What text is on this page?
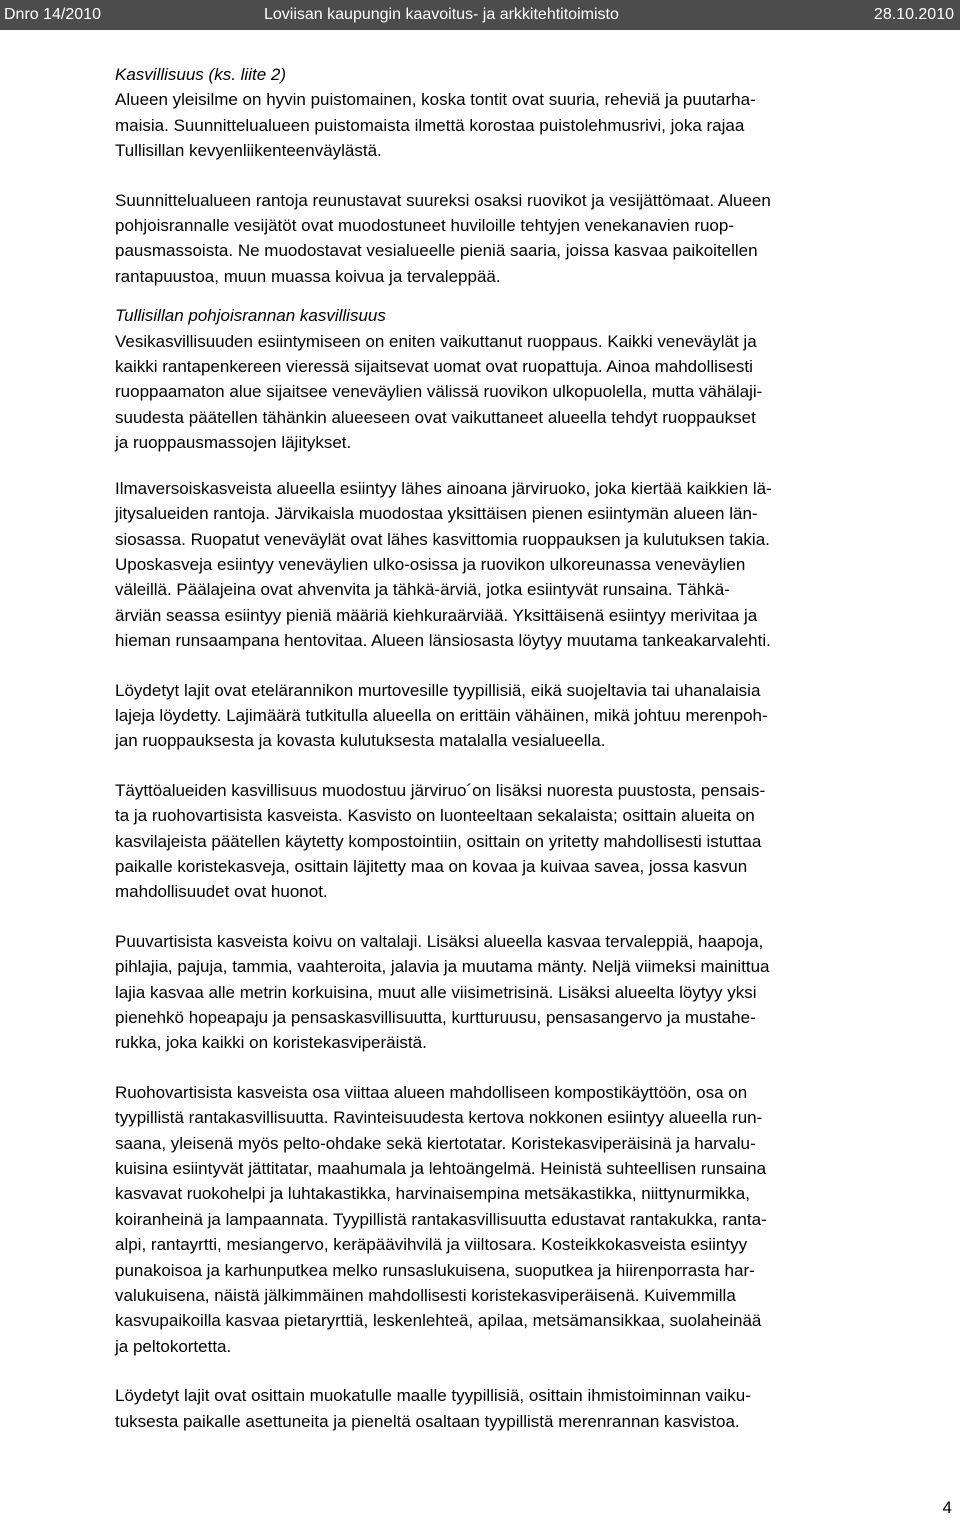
Dnro 14/2010	Loviisan kaupungin kaavoitus- ja arkkitehtitoimisto	28.10.2010

Kasvillisuus (ks. liite 2)

Alueen yleisilme on hyvin puistomainen, koska tontit ovat suuria, reheviä ja puutarha-
maisia. Suunnittelualueen puistomaista ilmettä korostaa puistolehmusrivi, joka rajaa
Tullisillan kevyenliikenteenväylästä.

Suunnittelualueen rantoja reunustavat suureksi osaksi ruovikot ja vesijättömaat. Alueen
pohjoisrannalle vesijätöt ovat muodostuneet huviloille tehtyjen venekanavien ruop-
pausmassoista. Ne muodostavat vesialueelle pieniä saaria, joissa kasvaa paikoitellen
rantapuustoa, muun muassa koivua ja tervaleppää.

Tullisillan pohjoisrannan kasvillisuus

Vesikasvillisuuden esiintymiseen on eniten vaikuttanut ruoppaus. Kaikki veneväylät ja
kaikki rantapenkereen vieressä sijaitsevat uomat ovat ruopattuja. Ainoa mahdollisesti
ruoppaamaton alue sijaitsee veneväylien välissä ruovikon ulkopuolella, mutta vähälaji-
suudesta päätellen tähänkin alueeseen ovat vaikuttaneet alueella tehdyt ruoppaukset
ja ruoppausmassojen läjitykset.

Ilmaversoiskasveista alueella esiintyy lähes ainoana järviruoko, joka kiertää kaikkien lä-
jitysalueiden rantoja. Järvikaisla muodostaa yksittäisen pienen esiintymän alueen län-
siosassa. Ruopatut veneväylät ovat lähes kasvittomia ruoppauksen ja kulutuksen takia.
Uposkasveja esiintyy veneväylien ulko-osissa ja ruovikon ulkoreunassa veneväylien
väleillä. Päälajeina ovat ahvenvita ja tähkä-ärviä, jotka esiintyvät runsaina. Tähkä-
ärviän seassa esiintyy pieniä määriä kiehkuraärviää. Yksittäisenä esiintyy merivitaa ja
hieman runsaampana hentovitaa. Alueen länsiosasta löytyy muutama tankeakarvalehti.

Löydetyt lajit ovat etelärannikon murtovesille tyypillisiä, eikä suojeltavia tai uhanalaisia
lajeja löydetty. Lajimäärä tutkitulla alueella on erittäin vähäinen, mikä johtuu merenpoh-
jan ruoppauksesta ja kovasta kulutuksesta matalalla vesialueella.

Täyttöalueiden kasvillisuus muodostuu järviruo´on lisäksi nuoresta puustosta, pensais-
ta ja ruohovartisista kasveista. Kasvisto on luonteeltaan sekalaista; osittain alueita on
kasvilajeista päätellen käytetty kompostointiin, osittain on yritetty mahdollisesti istuttaa
paikalle koristekasveja, osittain läjitetty maa on kovaa ja kuivaa savea, jossa kasvun
mahdollisuudet ovat huonot.

Puuvartisista kasveista koivu on valtalaji. Lisäksi alueella kasvaa tervaleppiä, haapoja,
pihlajia, pajuja, tammia, vaahteroita, jalavia ja muutama mänty. Neljä viimeksi mainittua
lajia kasvaa alle metrin korkuisina, muut alle viisimetrisinä. Lisäksi alueelta löytyy yksi
pienehkö hopeapaju ja pensaskasvillisuutta, kurtturuusu, pensasangervo ja mustahe-
rukka, joka kaikki on koristekasviperäistä.

Ruohovartisista kasveista osa viittaa alueen mahdolliseen kompostikäyttöön, osa on
tyypillistä rantakasvillisuutta. Ravinteisuudesta kertova nokkonen esiintyy alueella run-
saana, yleisenä myös pelto-ohdake sekä kiertotatar. Koristekasviperäisinä ja harvalu-
kuisina esiintyvät jättitatar, maahumala ja lehtoängelmä. Heinistä suhteellisen runsaina
kasvavat ruokohelpi ja luhtakastikka, harvinaisempina metsäkastikka, niittynurmikka,
koiranheinä ja lampaannata. Tyypillistä rantakasvillisuutta edustavat rantakukka, ranta-
alpi, rantayrtti, mesiangervo, keräpäävihvilä ja viiltosara. Kosteikkokasveista esiintyy
punakoisoa ja karhunputkea melko runsaslukuisena, suoputkea ja hiirenporrasta har-
valukuisena, näistä jälkimmäinen mahdollisesti koristekasviperäisenä. Kuivemmilla
kasvupaikoilla kasvaa pietaryrttiä, leskenlehteä, apilaa, metsämansikkaa, suolaheinää
ja peltokortetta.

Löydetyt lajit ovat osittain muokatulle maalle tyypillisiä, osittain ihmistoiminnan vaiku-
tuksesta paikalle asettuneita ja pieneltä osaltaan tyypillistä merenrannan kasvistoa.

4
